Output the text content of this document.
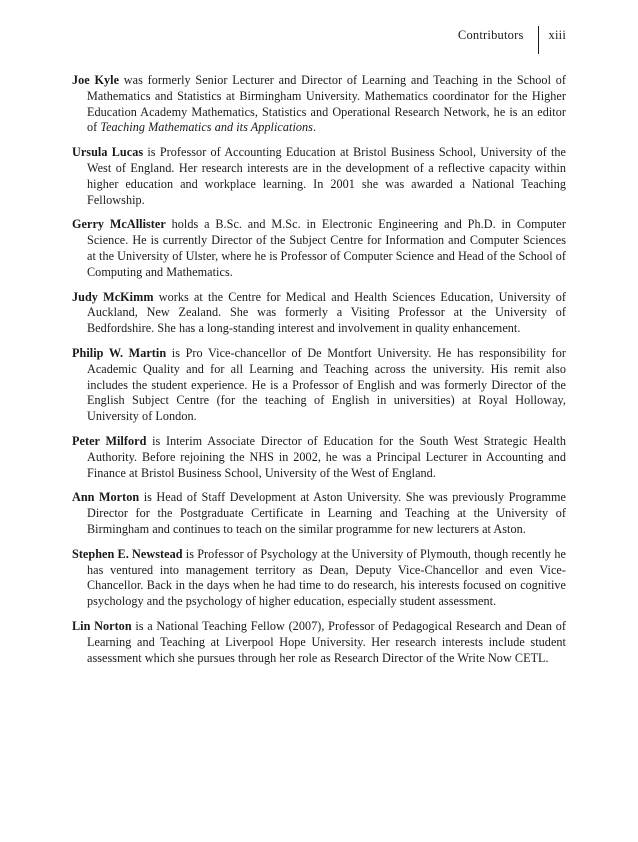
Contributors	xiii

Joe Kyle was formerly Senior Lecturer and Director of Learning and Teaching in the School of Mathematics and Statistics at Birmingham University. Mathematics coordinator for the Higher Education Academy Mathematics, Statistics and Operational Research Network, he is an editor of Teaching Mathematics and its Applications.

Ursula Lucas is Professor of Accounting Education at Bristol Business School, University of the West of England. Her research interests are in the development of a reflective capacity within higher education and workplace learning. In 2001 she was awarded a National Teaching Fellowship.

Gerry McAllister holds a B.Sc. and M.Sc. in Electronic Engineering and Ph.D. in Computer Science. He is currently Director of the Subject Centre for Information and Computer Sciences at the University of Ulster, where he is Professor of Computer Science and Head of the School of Computing and Mathematics.

Judy McKimm works at the Centre for Medical and Health Sciences Education, University of Auckland, New Zealand. She was formerly a Visiting Professor at the University of Bedfordshire. She has a long-standing interest and involvement in quality enhancement.

Philip W. Martin is Pro Vice-chancellor of De Montfort University. He has responsibility for Academic Quality and for all Learning and Teaching across the university. His remit also includes the student experience. He is a Professor of English and was formerly Director of the English Subject Centre (for the teaching of English in universities) at Royal Holloway, University of London.

Peter Milford is Interim Associate Director of Education for the South West Strategic Health Authority. Before rejoining the NHS in 2002, he was a Principal Lecturer in Accounting and Finance at Bristol Business School, University of the West of England.

Ann Morton is Head of Staff Development at Aston University. She was previously Programme Director for the Postgraduate Certificate in Learning and Teaching at the University of Birmingham and continues to teach on the similar programme for new lecturers at Aston.

Stephen E. Newstead is Professor of Psychology at the University of Plymouth, though recently he has ventured into management territory as Dean, Deputy Vice-Chancellor and even Vice-Chancellor. Back in the days when he had time to do research, his interests focused on cognitive psychology and the psychology of higher education, especially student assessment.

Lin Norton is a National Teaching Fellow (2007), Professor of Pedagogical Research and Dean of Learning and Teaching at Liverpool Hope University. Her research interests include student assessment which she pursues through her role as Research Director of the Write Now CETL.
